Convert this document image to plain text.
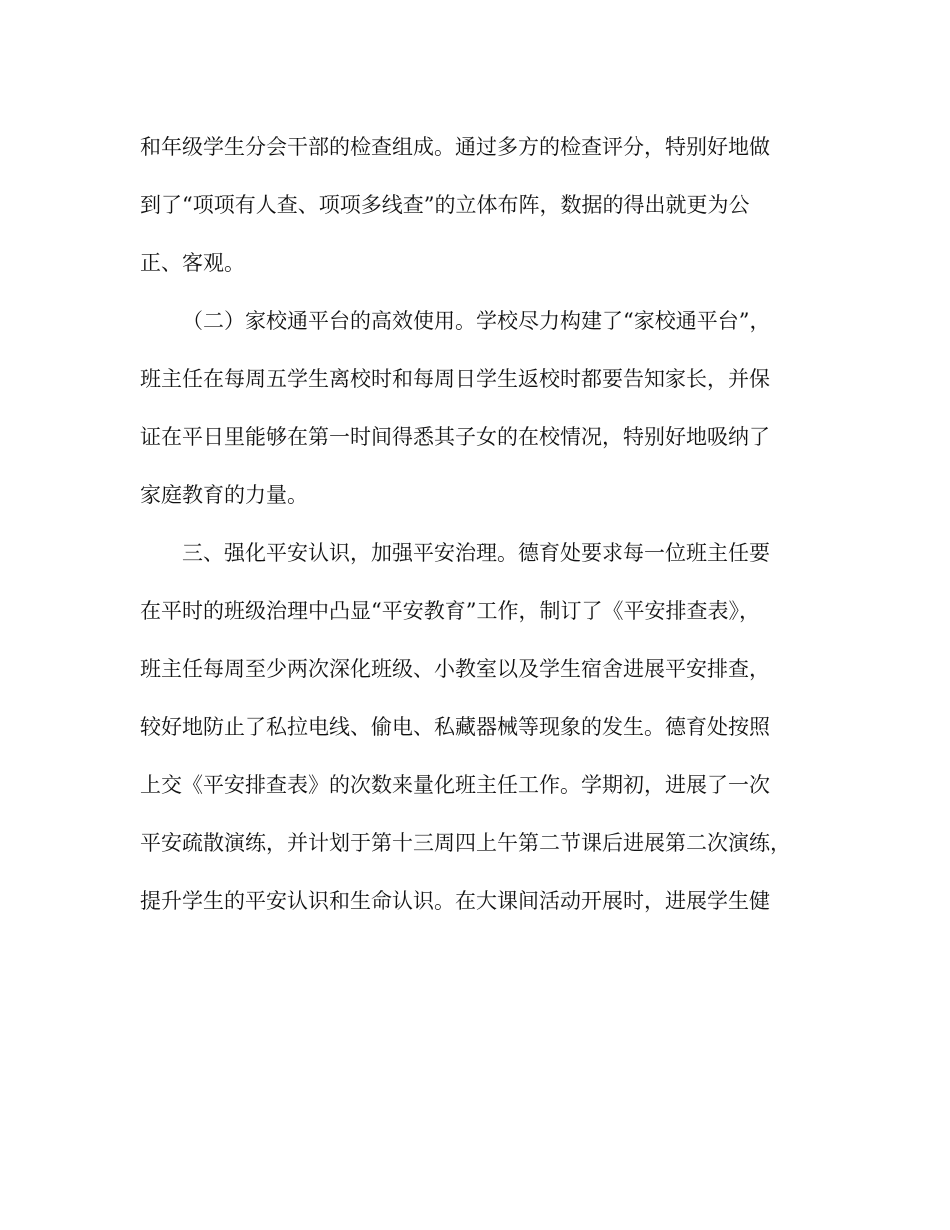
和年级学生分会干部的检查组成。通过多方的检查评分，特别好地做
到了“项项有人查、项项多线查”的立体布阵，数据的得出就更为公
正、客观。
（二）家校通平台的高效使用。学校尽力构建了“家校通平台”，
班主任在每周五学生离校时和每周日学生返校时都要告知家长，并保
证在平日里能够在第一时间得悉其子女的在校情况，特别好地吸纳了
家庭教育的力量。
三、强化平安认识，加强平安治理。德育处要求每一位班主任要
在平时的班级治理中凸显“平安教育”工作，制订了《平安排查表》，
班主任每周至少两次深化班级、小教室以及学生宿舍进展平安排查，
较好地防止了私拉电线、偷电、私藏器械等现象的发生。德育处按照
上交《平安排查表》的次数来量化班主任工作。学期初，进展了一次
平安疏散演练，并计划于第十三周四上午第二节课后进展第二次演练，
提升学生的平安认识和生命认识。在大课间活动开展时，进展学生健
